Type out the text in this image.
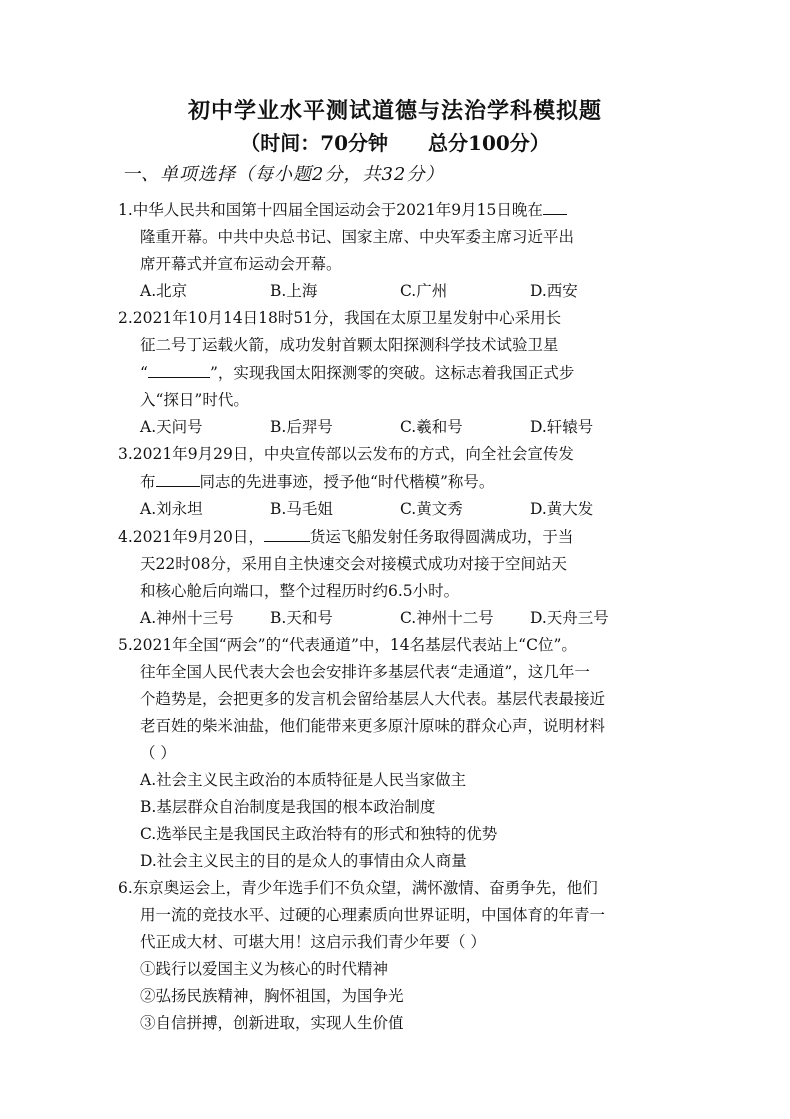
初中学业水平测试道德与法治学科模拟题
（时间：70分钟 总分100分）
一、单项选择（每小题2分，共32分）
1.中华人民共和国第十四届全国运动会于2021年9月15日晚在
隆重开幕。中共中央总书记、国家主席、中央军委主席习近平出
席开幕式并宣布运动会开幕。
A.北京	B.上海	C.广州	D.西安
2.2021年10月14日18时51分，我国在太原卫星发射中心采用长
征二号丁运载火箭，成功发射首颗太阳探测科学技术试验卫星
“	”，实现我国太阳探测零的突破。这标志着我国正式步
入“探日”时代。
A.天问号	B.后羿号	C.羲和号	D.轩辕号
3.2021年9月29日，中央宣传部以云发布的方式，向全社会宣传发
布	同志的先进事迹，授予他“时代楷模”称号。
A.刘永坦	B.马毛姐	C.黄文秀	D.黄大发
4.2021年9月20日，	货运飞船发射任务取得圆满成功，于当
天22时08分，采用自主快速交会对接模式成功对接于空间站天
和核心舱后向端口，整个过程历时约6.5小时。
A.神州十三号	B.天和号	C.神州十二号	D.天舟三号
5.2021年全国“两会”的“代表通道”中，14名基层代表站上“C位”。
往年全国人民代表大会也会安排许多基层代表“走通道”，这几年一
个趋势是，会把更多的发言机会留给基层人大代表。基层代表最接近
老百姓的柴米油盐，他们能带来更多原汁原味的群众心声，说明材料
（ ）
A.社会主义民主政治的本质特征是人民当家做主
B.基层群众自治制度是我国的根本政治制度
C.选举民主是我国民主政治特有的形式和独特的优势
D.社会主义民主的目的是众人的事情由众人商量
6.东京奥运会上，青少年选手们不负众望，满怀激情、奋勇争先，他们
用一流的竞技水平、过硬的心理素质向世界证明，中国体育的年青一
代正成大材、可堪大用！这启示我们青少年要（ ）
①践行以爱国主义为核心的时代精神
②弘扬民族精神，胸怀祖国，为国争光
③自信拼搏，创新进取，实现人生价值
